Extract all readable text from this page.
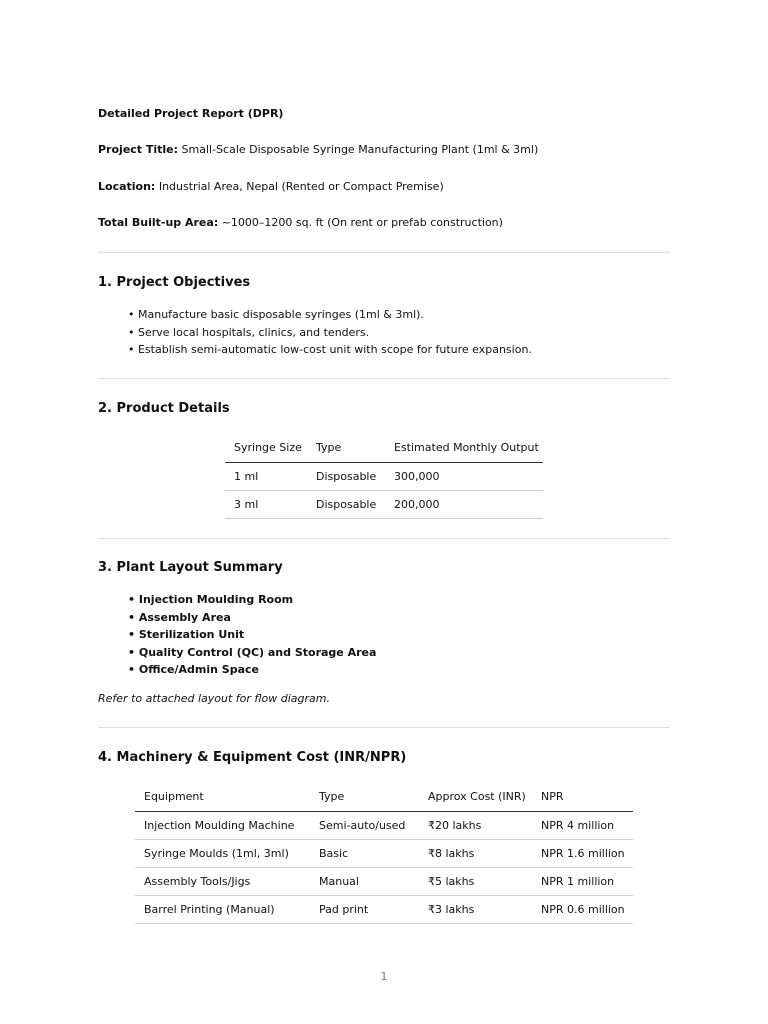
Detailed Project Report (DPR)
Project Title: Small-Scale Disposable Syringe Manufacturing Plant (1ml & 3ml)
Location: Industrial Area, Nepal (Rented or Compact Premise)
Total Built-up Area: ~1000–1200 sq. ft (On rent or prefab construction)
1. Project Objectives
• Manufacture basic disposable syringes (1ml & 3ml).
• Serve local hospitals, clinics, and tenders.
• Establish semi-automatic low-cost unit with scope for future expansion.
2. Product Details
Syringe Size	Type	Estimated Monthly Output
1 ml	Disposable	300,000
3 ml	Disposable	200,000
3. Plant Layout Summary
• Injection Moulding Room
• Assembly Area
• Sterilization Unit
• Quality Control (QC) and Storage Area
• Office/Admin Space
Refer to attached layout for flow diagram.
4. Machinery & Equipment Cost (INR/NPR)
Equipment	Type	Approx Cost (INR)	NPR
Injection Moulding Machine	Semi-auto/used	₹20 lakhs	NPR 4 million
Syringe Moulds (1ml, 3ml)	Basic	₹8 lakhs	NPR 1.6 million
Assembly Tools/Jigs	Manual	₹5 lakhs	NPR 1 million
Barrel Printing (Manual)	Pad print	₹3 lakhs	NPR 0.6 million
1
